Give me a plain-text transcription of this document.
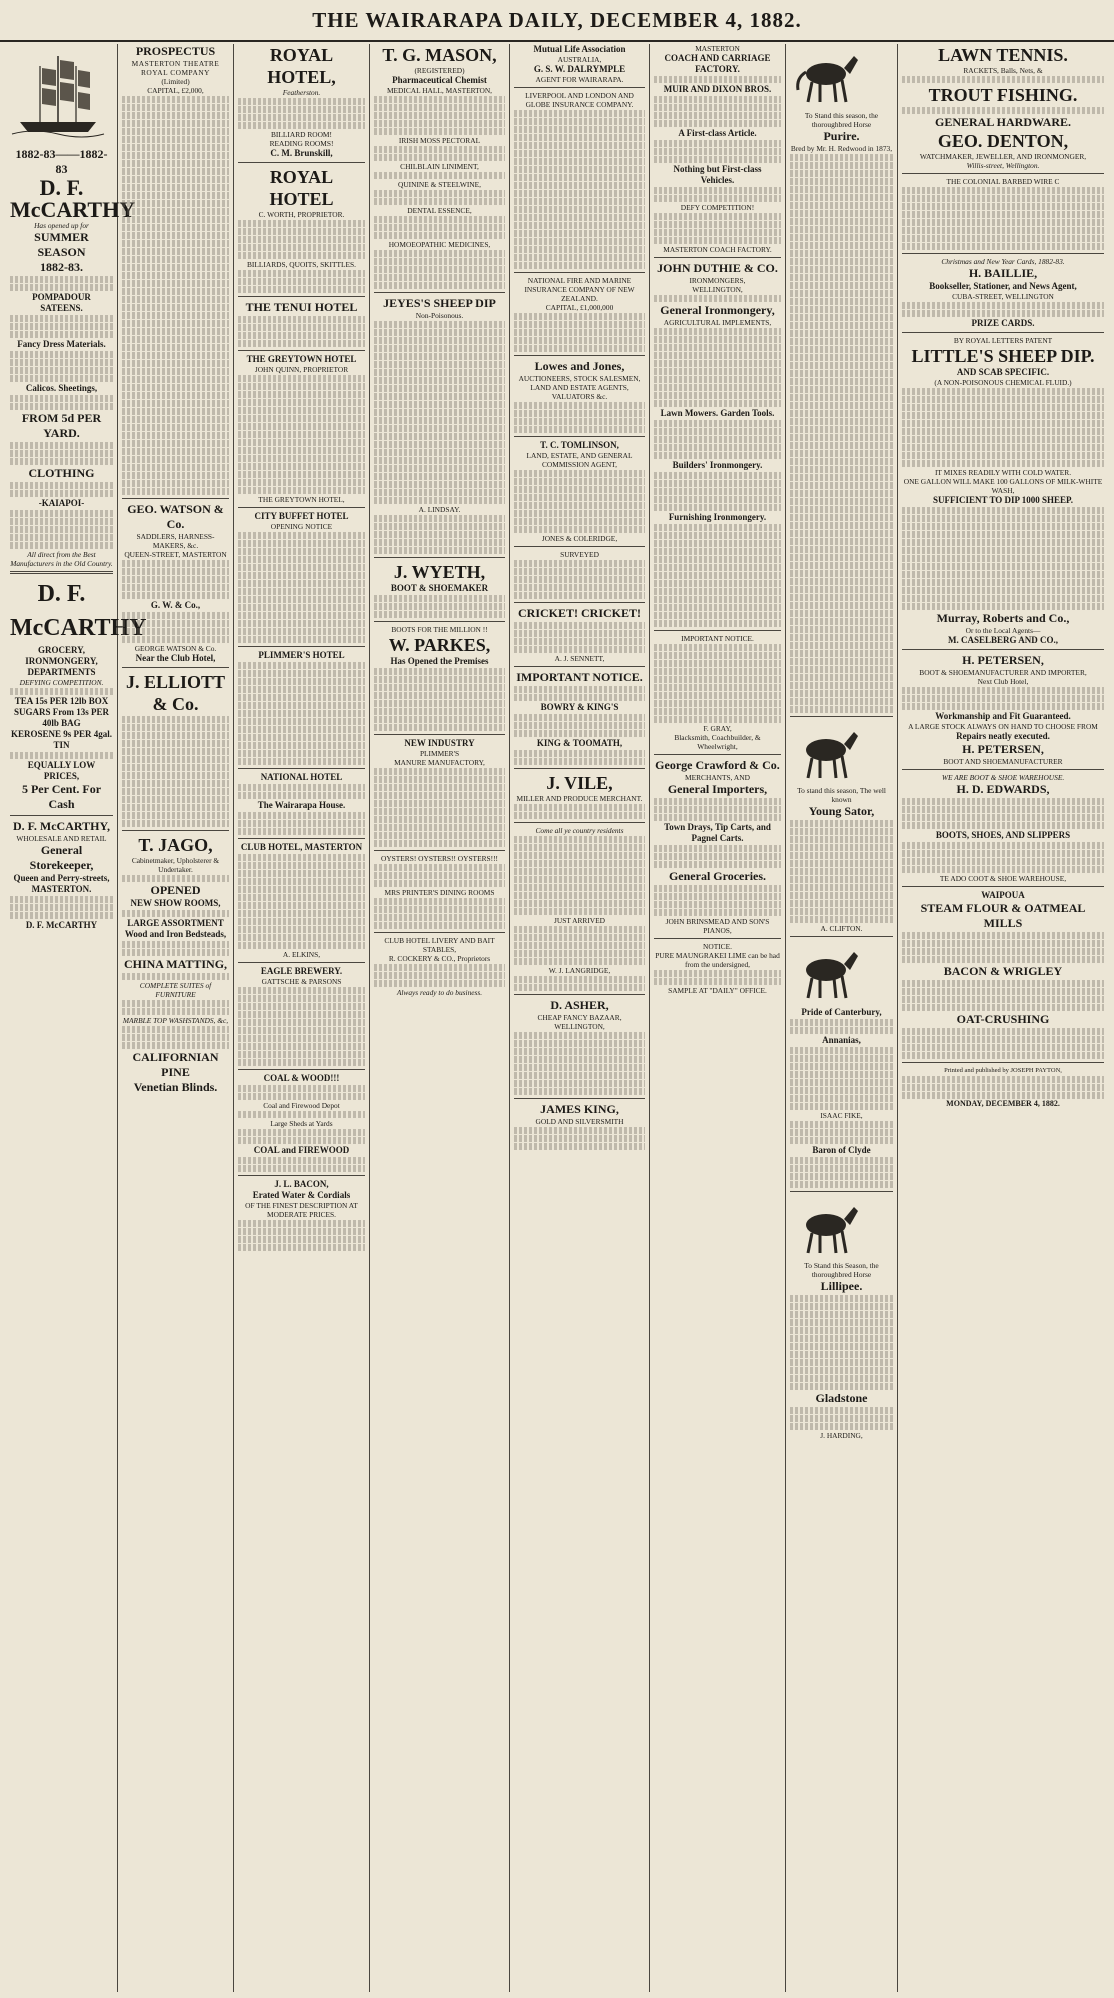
THE WAIRARAPA DAILY, DECEMBER 4, 1882.
1882-83——1882-83
D. F. McCARTHY
Has opened up for
SUMMER SEASON
1882-83.
POMPADOUR SATEENS.
Fancy Dress Materials.
Calicos. Sheetings,
FROM 5d PER YARD.
CLOTHING
-KAIAPOI-
All direct from the Best Manufacturers in the Old Country.
D. F. McCARTHY
GROCERY,
IRONMONGERY,
DEPARTMENTS
DEFYING COMPETITION.
TEA 15s PER 12lb BOX
SUGARS From 13s PER 40lb BAG
KEROSENE 9s PER 4gal. TIN
EQUALLY LOW PRICES,
5 Per Cent. For Cash
D. F. McCARTHY,
WHOLESALE AND RETAIL
General Storekeeper,
Queen and Perry-streets,
MASTERTON.
D. F. McCARTHY
PROSPECTUS
MASTERTON THEATRE ROYAL COMPANY
(Limited)
CAPITAL, £2,000,
GEO. WATSON & Co.
SADDLERS, HARNESS-MAKERS, &c.
QUEEN-STREET, MASTERTON
G. W. & Co.,
GEORGE WATSON & Co.
Near the Club Hotel,
J. ELLIOTT & Co.
T. JAGO,
Cabinetmaker, Upholsterer & Undertaker.
OPENED
NEW SHOW ROOMS,
LARGE ASSORTMENT
Wood and Iron Bedsteads,
CHINA MATTING,
COMPLETE SUITES of FURNITURE
MARBLE TOP WASHSTANDS, &c,
CALIFORNIAN PINE
Venetian Blinds.
ROYAL HOTEL,
Featherston.
BILLIARD ROOM!
READING ROOMS!
C. M. Brunskill,
ROYAL HOTEL
C. WORTH, PROPRIETOR.
BILLIARDS, QUOITS, SKITTLES.
THE TENUI HOTEL
THE GREYTOWN HOTEL
JOHN QUINN, PROPRIETOR
THE GREYTOWN HOTEL,
CITY BUFFET HOTEL
OPENING NOTICE
PLIMMER'S HOTEL
NATIONAL HOTEL
The Wairarapa House.
CLUB HOTEL, MASTERTON
A. ELKINS,
EAGLE BREWERY.
GATTSCHE & PARSONS
COAL & WOOD!!!
Coal and Firewood Depot
Large Sheds at Yards
COAL and FIREWOOD
J. L. BACON,
Erated Water & Cordials
OF THE FINEST DESCRIPTION AT MODERATE PRICES.
T. G. MASON,
(REGISTERED)
Pharmaceutical Chemist
MEDICAL HALL, MASTERTON,
IRISH MOSS PECTORAL
CHILBLAIN LINIMENT,
QUININE & STEELWINE,
DENTAL ESSENCE,
HOMOEOPATHIC MEDICINES,
JEYES'S SHEEP DIP
Non-Poisonous.
A. LINDSAY.
J. WYETH,
BOOT & SHOEMAKER
BOOTS FOR THE MILLION !!
W. PARKES,
Has Opened the Premises
NEW INDUSTRY
PLIMMER'S
MANURE MANUFACTORY,
OYSTERS! OYSTERS!! OYSTERS!!!
MRS PRINTER'S DINING ROOMS
CLUB HOTEL LIVERY AND BAIT STABLES,
R. COCKERY & CO., Proprietors
Always ready to do business.
Mutual Life Association
AUSTRALIA,
G. S. W. DALRYMPLE
AGENT FOR WAIRARAPA.
LIVERPOOL AND LONDON AND GLOBE INSURANCE COMPANY.
NATIONAL FIRE AND MARINE INSURANCE COMPANY OF NEW ZEALAND.
CAPITAL, £1,000,000
Lowes and Jones,
AUCTIONEERS, STOCK SALESMEN, LAND AND ESTATE AGENTS, VALUATORS &c.
T. C. TOMLINSON,
LAND, ESTATE, AND GENERAL COMMISSION AGENT,
JONES & COLERIDGE,
SURVEYED
CRICKET! CRICKET!
A. J. SENNETT,
IMPORTANT NOTICE.
BOWRY & KING'S
KING & TOOMATH,
J. VILE,
MILLER AND PRODUCE MERCHANT.
Come all ye country residents
JUST ARRIVED
W. J. LANGRIDGE,
D. ASHER,
CHEAP FANCY BAZAAR, WELLINGTON,
JAMES KING,
GOLD AND SILVERSMITH
MASTERTON
COACH AND CARRIAGE FACTORY.
MUIR AND DIXON BROS.
A First-class Article.
Nothing but First-class
Vehicles.
DEFY COMPETITION!
MASTERTON COACH FACTORY.
JOHN DUTHIE & CO.
IRONMONGERS,
WELLINGTON,
General Ironmongery,
AGRICULTURAL IMPLEMENTS,
Lawn Mowers. Garden Tools.
Builders' Ironmongery.
Furnishing Ironmongery.
IMPORTANT NOTICE.
F. GRAY,
Blacksmith, Coachbuilder, & Wheelwright,
George Crawford & Co.
MERCHANTS, AND
General Importers,
Town Drays, Tip Carts, and Pagnel Carts.
General Groceries.
JOHN BRINSMEAD AND SON'S PIANOS,
NOTICE.
PURE MAUNGRAKEI LIME can be had from the undersigned,
SAMPLE AT "DAILY" OFFICE.
To Stand this season, the thoroughbred Horse
Purire.
Bred by Mr. H. Redwood in 1873,
To stand this season, The well known
Young Sator,
A. CLIFTON.
Pride of Canterbury,
Annanias,
ISAAC FIKE,
Baron of Clyde
To Stand this Season, the thoroughbred Horse
Lillipee.
Gladstone
J. HARDING,
LAWN TENNIS.
RACKETS, Balls, Nets, &
TROUT FISHING.
GENERAL HARDWARE.
GEO. DENTON,
WATCHMAKER, JEWELLER, AND IRONMONGER,
Willis-street, Wellington.
THE COLONIAL BARBED WIRE C
Christmas and New Year Cards, 1882-83.
H. BAILLIE,
Bookseller, Stationer, and News Agent,
CUBA-STREET, WELLINGTON
PRIZE CARDS.
BY ROYAL LETTERS PATENT
LITTLE'S SHEEP DIP.
AND SCAB SPECIFIC.
(A NON-POISONOUS CHEMICAL FLUID.)
IT MIXES READILY WITH COLD WATER.
ONE GALLON WILL MAKE 100 GALLONS OF MILK-WHITE WASH,
SUFFICIENT TO DIP 1000 SHEEP.
Murray, Roberts and Co.,
Or to the Local Agents—
M. CASELBERG AND CO.,
H. PETERSEN,
BOOT & SHOEMANUFACTURER AND IMPORTER,
Next Club Hotel,
Workmanship and Fit Guaranteed.
A LARGE STOCK ALWAYS ON HAND TO CHOOSE FROM
Repairs neatly executed.
H. PETERSEN,
BOOT AND SHOEMANUFACTURER
WE ARE BOOT & SHOE WAREHOUSE.
H. D. EDWARDS,
BOOTS, SHOES, AND SLIPPERS
TE ADO COOT & SHOE WAREHOUSE,
WAIPOUA
STEAM FLOUR & OATMEAL MILLS
BACON & WRIGLEY
OAT-CRUSHING
Printed and published by JOSEPH PAYTON,
MONDAY, DECEMBER 4, 1882.
